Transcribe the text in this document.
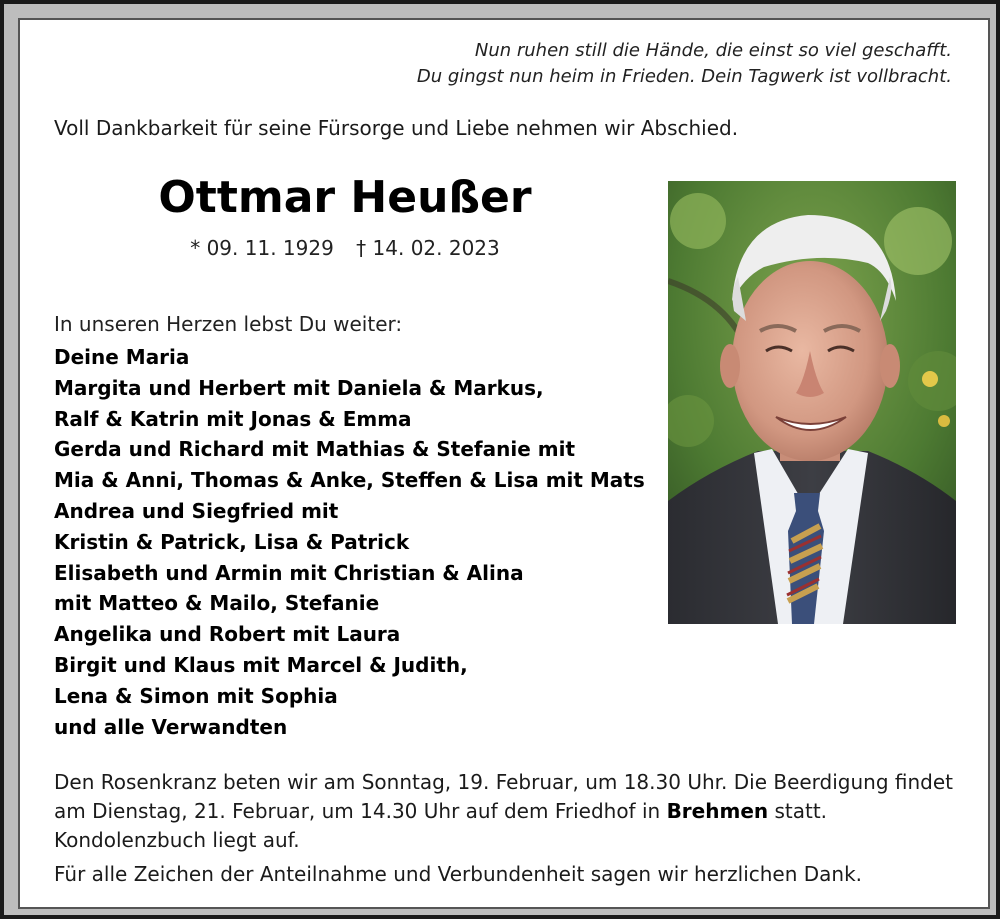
Nun ruhen still die Hände, die einst so viel geschafft.
Du gingst nun heim in Frieden. Dein Tagwerk ist vollbracht.
Voll Dankbarkeit für seine Fürsorge und Liebe nehmen wir Abschied.
Ottmar Heußer
* 09. 11. 1929 † 14. 02. 2023
In unseren Herzen lebst Du weiter:
Deine Maria
Margita und Herbert mit Daniela & Markus,
Ralf & Katrin mit Jonas & Emma
Gerda und Richard mit Mathias & Stefanie mit
Mia & Anni, Thomas & Anke, Steffen & Lisa mit Mats
Andrea und Siegfried mit
Kristin & Patrick, Lisa & Patrick
Elisabeth und Armin mit Christian & Alina
mit Matteo & Mailo, Stefanie
Angelika und Robert mit Laura
Birgit und Klaus mit Marcel & Judith,
Lena & Simon mit Sophia
und alle Verwandten
Den Rosenkranz beten wir am Sonntag, 19. Februar, um 18.30 Uhr. Die Beerdigung findet am Dienstag, 21. Februar, um 14.30 Uhr auf dem Friedhof in Brehmen statt. Kondolenzbuch liegt auf.
Für alle Zeichen der Anteilnahme und Verbundenheit sagen wir herzlichen Dank.
